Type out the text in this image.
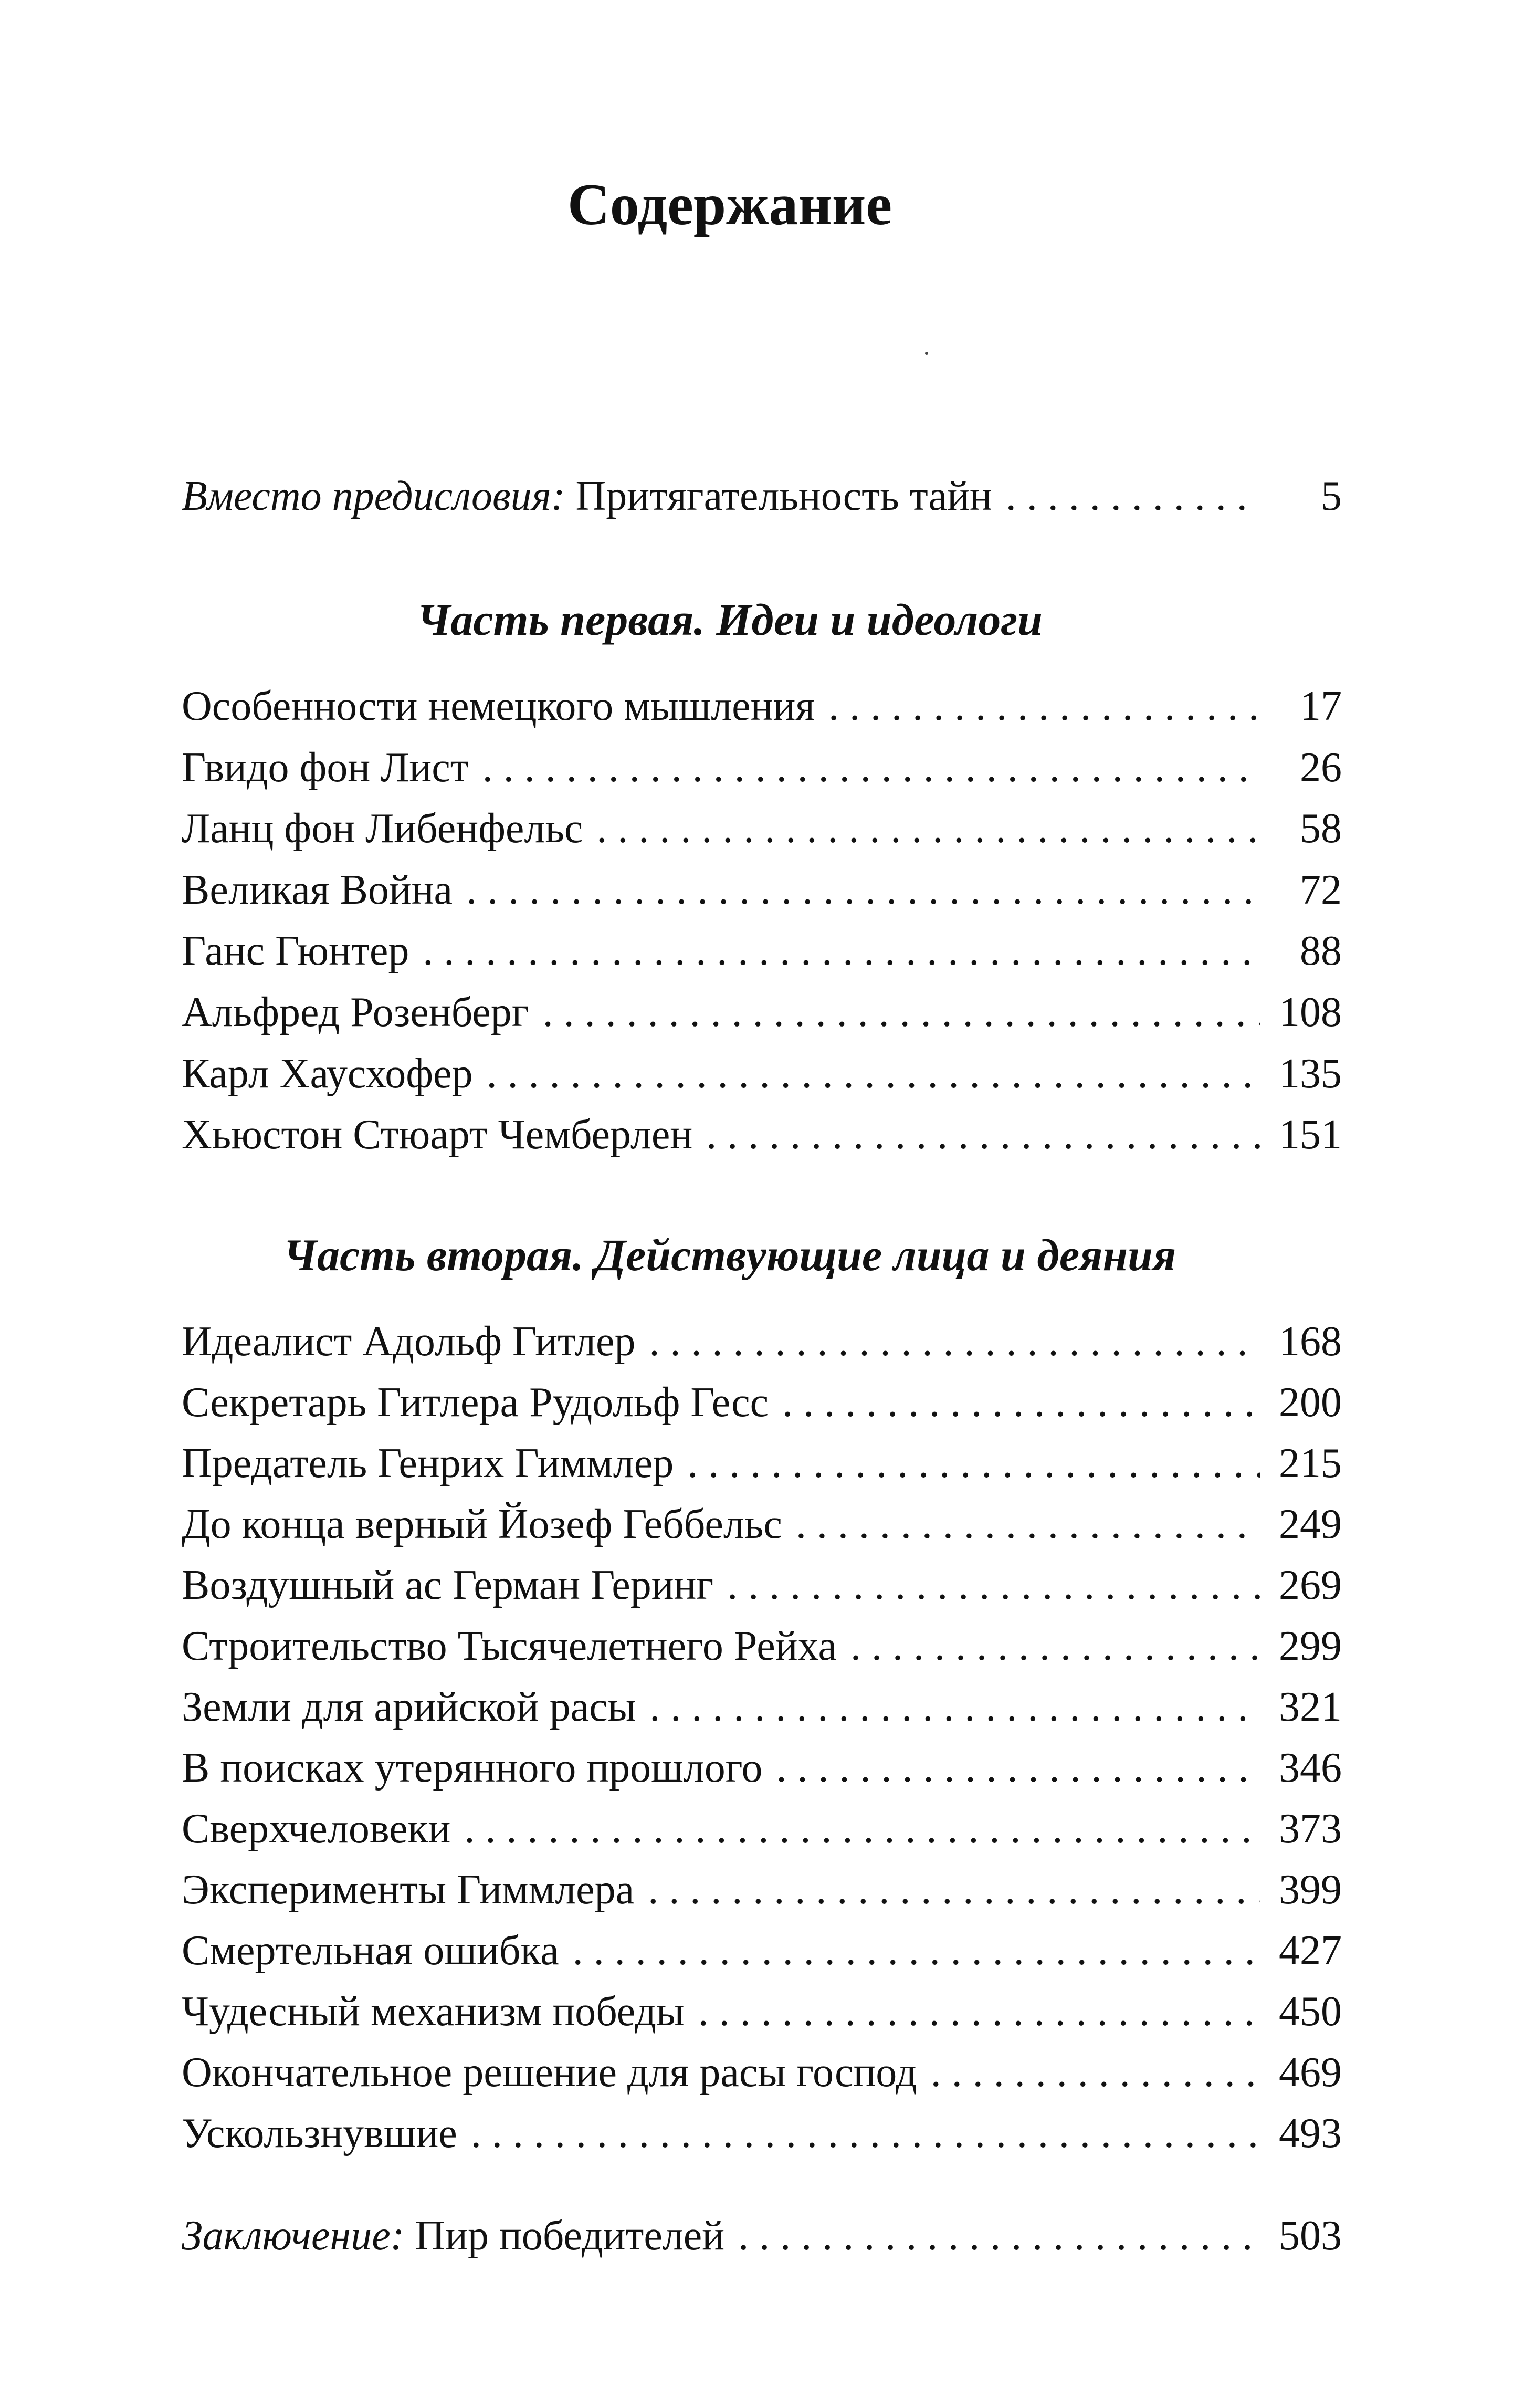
Содержание
Вместо предисловия: Притягательность тайн . . .	5
Часть первая. Идеи и идеологи
Особенности немецкого мышления . . .	17
Гвидо фон Лист . . .	26
Ланц фон Либенфельс . . .	58
Великая Война . . .	72
Ганс Гюнтер . . .	88
Альфред Розенберг . . .	108
Карл Хаусхофер . . .	135
Хьюстон Стюарт Чемберлен . . .	151
Часть вторая. Действующие лица и деяния
Идеалист Адольф Гитлер . . .	168
Секретарь Гитлера Рудольф Гесс . . .	200
Предатель Генрих Гиммлер . . .	215
До конца верный Йозеф Геббельс . . .	249
Воздушный ас Герман Геринг . . .	269
Строительство Тысячелетнего Рейха . . .	299
Земли для арийской расы . . .	321
В поисках утерянного прошлого . . .	346
Сверхчеловеки . . .	373
Эксперименты Гиммлера . . .	399
Смертельная ошибка . . .	427
Чудесный механизм победы . . .	450
Окончательное решение для расы господ . . .	469
Ускользнувшие . . .	493
Заключение: Пир победителей . . .	503
